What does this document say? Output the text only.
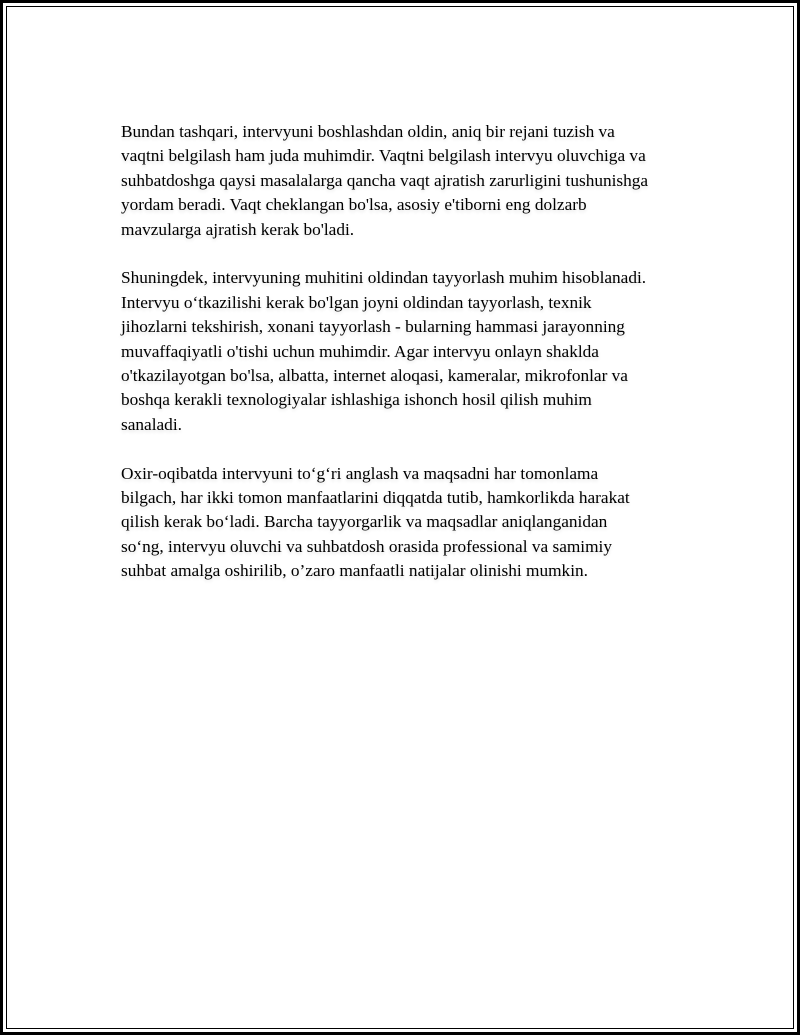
Bundan tashqari, intervyuni boshlashdan oldin, aniq bir rejani tuzish va
vaqtni belgilash ham juda muhimdir. Vaqtni belgilash intervyu oluvchiga va
suhbatdoshga qaysi masalalarga qancha vaqt ajratish zarurligini tushunishga
yordam beradi. Vaqt cheklangan bo'lsa, asosiy e'tiborni eng dolzarb
mavzularga ajratish kerak bo'ladi.
Shuningdek, intervyuning muhitini oldindan tayyorlash muhim hisoblanadi.
Intervyu o‘tkazilishi kerak bo'lgan joyni oldindan tayyorlash, texnik
jihozlarni tekshirish, xonani tayyorlash - bularning hammasi jarayonning
muvaffaqiyatli o'tishi uchun muhimdir. Agar intervyu onlayn shaklda
o'tkazilayotgan bo'lsa, albatta, internet aloqasi, kameralar, mikrofonlar va
boshqa kerakli texnologiyalar ishlashiga ishonch hosil qilish muhim
sanaladi.
Oxir-oqibatda intervyuni to‘g‘ri anglash va maqsadni har tomonlama
bilgach, har ikki tomon manfaatlarini diqqatda tutib, hamkorlikda harakat
qilish kerak bo‘ladi. Barcha tayyorgarlik va maqsadlar aniqlanganidan
so‘ng, intervyu oluvchi va suhbatdosh orasida professional va samimiy
suhbat amalga oshirilib, o’zaro manfaatli natijalar olinishi mumkin.
